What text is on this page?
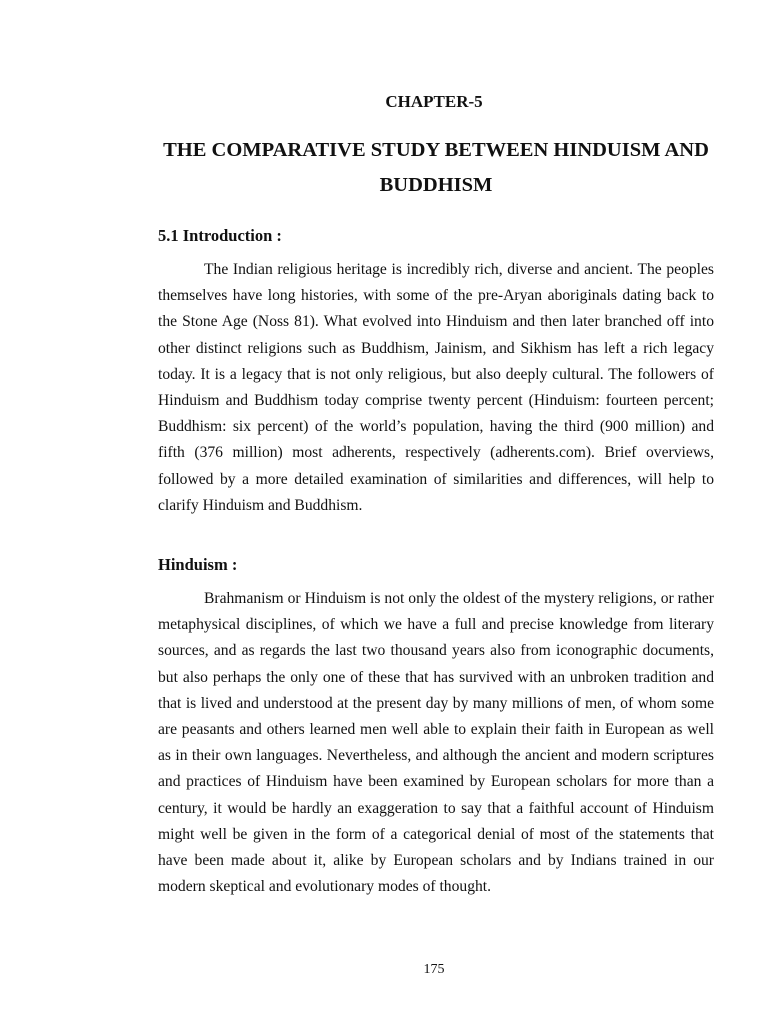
CHAPTER-5

THE COMPARATIVE STUDY BETWEEN HINDUISM AND BUDDHISM
5.1 Introduction :

The Indian religious heritage is incredibly rich, diverse and ancient. The peoples themselves have long histories, with some of the pre-Aryan aboriginals dating back to the Stone Age (Noss 81). What evolved into Hinduism and then later branched off into other distinct religions such as Buddhism, Jainism, and Sikhism has left a rich legacy today. It is a legacy that is not only religious, but also deeply cultural. The followers of Hinduism and Buddhism today comprise twenty percent (Hinduism: fourteen percent; Buddhism: six percent) of the world’s population, having the third (900 million) and fifth (376 million) most adherents, respectively (adherents.com). Brief overviews, followed by a more detailed examination of similarities and differences, will help to clarify Hinduism and Buddhism.

Hinduism :

Brahmanism or Hinduism is not only the oldest of the mystery religions, or rather metaphysical disciplines, of which we have a full and precise knowledge from literary sources, and as regards the last two thousand years also from iconographic documents, but also perhaps the only one of these that has survived with an unbroken tradition and that is lived and understood at the present day by many millions of men, of whom some are peasants and others learned men well able to explain their faith in European as well as in their own languages. Nevertheless, and although the ancient and modern scriptures and practices of Hinduism have been examined by European scholars for more than a century, it would be hardly an exaggeration to say that a faithful account of Hinduism might well be given in the form of a categorical denial of most of the statements that have been made about it, alike by European scholars and by Indians trained in our modern skeptical and evolutionary modes of thought.

175
